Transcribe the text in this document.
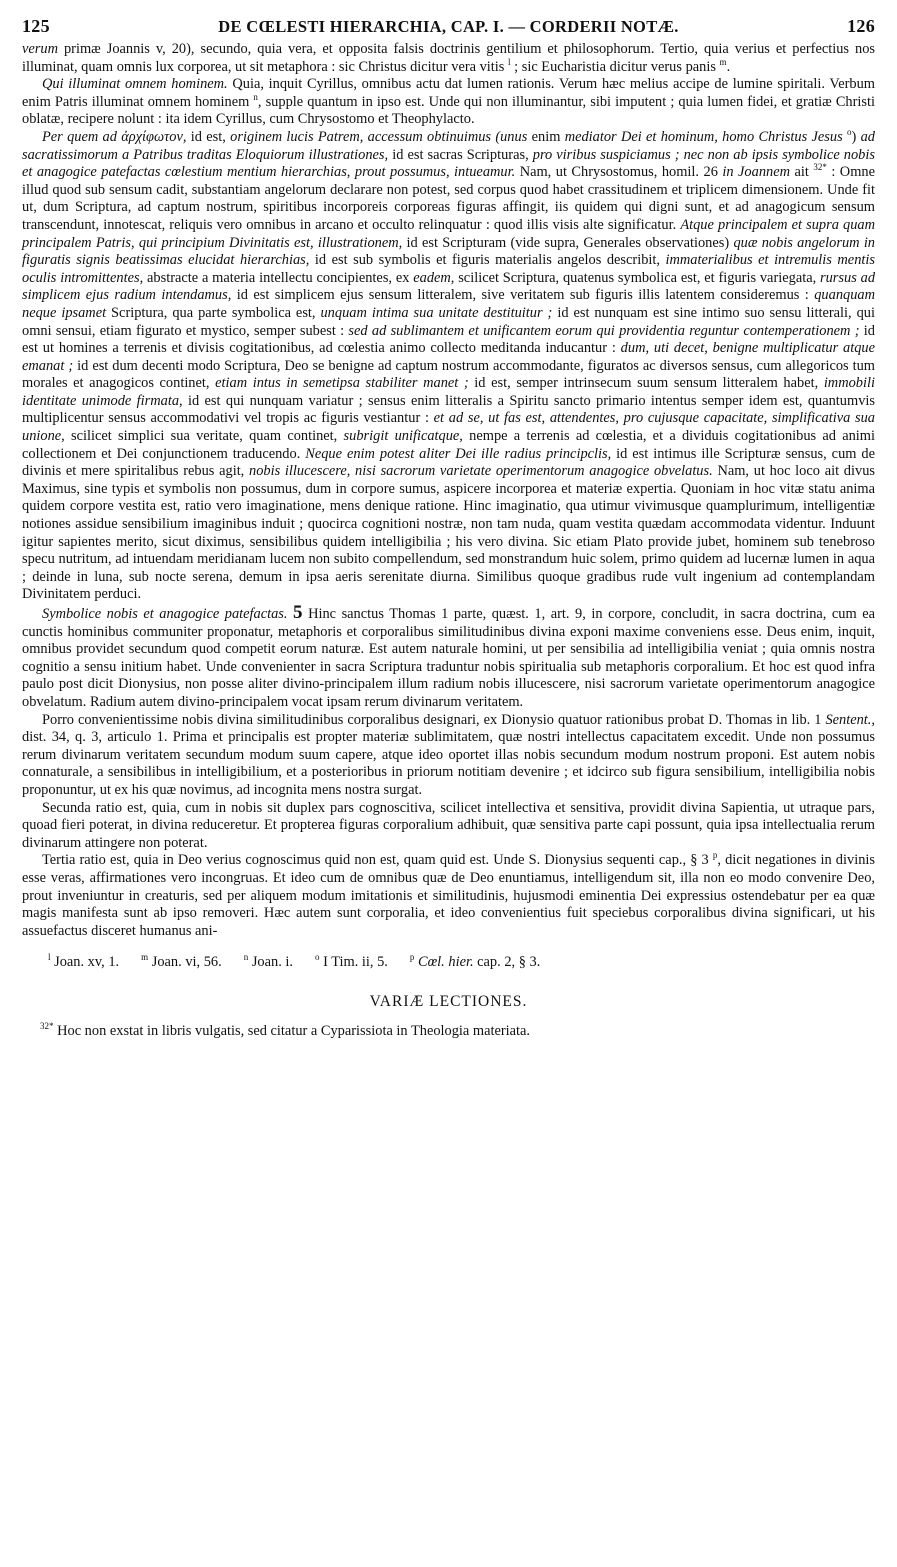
125	DE CŒLESTI HIERARCHIA, CAP. I. — CORDERII NOTÆ.	126

verum primæ Joannis v, 20), secundo, quia vera, et opposita falsis doctrinis gentilium et philosophorum. Tertio, quia verius et perfectius nos illuminat, quam omnis lux corporea, ut sit metaphora : sic Christus dicitur vera vitis $^l$ ; sic Eucharistia dicitur verus panis $^m$.

Qui illuminat omnem hominem. Quia, inquit Cyrillus, omnibus actu dat lumen rationis. Verum hæc melius accipe de lumine spiritali. Verbum enim Patris illuminat omnem hominem $^n$, supple quantum in ipso est. Unde qui non illuminantur, sibi imputent ; quia lumen fidei, et gratiæ Christi oblatæ, recipere nolunt : ita idem Cyrillus, cum Chrysostomo et Theophylacto.

Per quem ad ἀρχίφωτον, id est, originem lucis Patrem, accessum obtinuimus (unus enim mediator Dei et hominum, homo Christus Jesus $^o$) ad sacratissimorum a Patribus traditas Eloquiorum illustrationes, id est sacras Scripturas, pro viribus suspiciamus ; nec non ab ipsis symbolice nobis et anagogice patefactas cœlestium mentium hierarchias, prout possumus, intueamur. Nam, ut Chrysostomus, homil. 26 in Joannem ait $^{32*}$ : Omne illud quod sub sensum cadit, substantiam angelorum declarare non potest, sed corpus quod habet crassitudinem et triplicem dimensionem. Unde fit ut, dum Scriptura, ad captum nostrum, spiritibus incorporeis corporeas figuras affingit, iis quidem qui digni sunt, et ad anagogicum sensum transcendunt, innotescat, reliquis vero omnibus in arcano et occulto relinquatur : quod illis visis alte significatur. Atque principalem et supra quam principalem Patris, qui principium Divinitatis est, illustrationem, id est Scripturam (vide supra, Generales observationes) quæ nobis angelorum in figuratis signis beatissimas elucidat hierarchias, id est sub symbolis et figuris materialis angelos describit, immaterialibus et intremulis mentis oculis intromittentes, abstracte a materia intellectu concipientes, ex eadem, scilicet Scriptura, quatenus symbolica est, et figuris variegata, rursus ad simplicem ejus radium intendamus, id est simplicem ejus sensum litteralem, sive veritatem sub figuris illis latentem consideremus : quanquam neque ipsamet Scriptura, qua parte symbolica est, unquam intima sua unitate destituitur ; id est nunquam est sine intimo suo sensu litterali, qui omni sensui, etiam figurato et mystico, semper subest : sed ad sublimantem et unificantem eorum qui providentia reguntur contemperationem ; id est ut homines a terrenis et divisis cogitationibus, ad cœlestia animo collecto meditanda inducantur : dum, uti decet, benigne multiplicatur atque emanat ; id est dum decenti modo Scriptura, Deo se benigne ad captum nostrum accommodante, figuratos ac diversos sensus, cum allegoricos tum morales et anagogicos continet, etiam intus in semetipsa stabiliter manet ; id est, semper intrinsecum suum sensum litteralem habet, immobili identitate unimode firmata, id est qui nunquam variatur ; sensus enim litteralis a Spiritu sancto primario intentus semper idem est, quantumvis multiplicentur sensus accommodativi vel tropis ac figuris vestiantur : et ad se, ut fas est, attendentes, pro cujusque capacitate, simplificativa sua unione, scilicet simplici sua veritate, quam continet, subrigit unificatque, nempe a terrenis ad cœlestia, et a dividuis cogitationibus ad animi collectionem et Dei conjunctionem traducendo. Neque enim potest aliter Dei ille radius principclis, id est intimus ille Scripturæ sensus, cum de divinis et mere spiritalibus rebus agit, nobis illucescere, nisi sacrorum varietate operimentorum anagogice obvelatus. Nam, ut hoc loco ait divus Maximus, sine typis et symbolis non possumus, dum in corpore sumus, aspicere incorporea et materiæ expertia. Quoniam in hoc vitæ statu anima quidem corpore vestita est, ratio vero imaginatione, mens denique ratione. Hinc imaginatio, qua utimur vivimusque quamplurimum, intelligentiæ notiones assidue sensibilium imaginibus induit ; quocirca cognitioni nostræ, non tam nuda, quam vestita quædam accommodata videntur. Induunt igitur sapientes merito, sicut diximus, sensibilibus quidem intelligibilia ; his vero divina. Sic etiam Plato provide jubet, hominem sub tenebroso specu nutritum, ad intuendam meridianam lucem non subito compellendum, sed monstrandum huic solem, primo quidem ad lucernæ lumen in aqua ; deinde in luna, sub nocte serena, demum in ipsa aeris serenitate diurna. Similibus quoque gradibus rude vult ingenium ad contemplandam Divinitatem perduci.

Symbolice nobis et anagogice patefactas. 5 Hinc sanctus Thomas 1 parte, quæst. 1, art. 9, in corpore, concludit, in sacra doctrina, cum ea cunctis hominibus communiter proponatur, metaphoris et corporalibus similitudinibus divina exponi maxime conveniens esse. Deus enim, inquit, omnibus providet secundum quod competit eorum naturæ. Est autem naturale homini, ut per sensibilia ad intelligibilia veniat ; quia omnis nostra cognitio a sensu initium habet. Unde convenienter in sacra Scriptura traduntur nobis spiritualia sub metaphoris corporalium. Et hoc est quod infra paulo post dicit Dionysius, non posse aliter divino-principalem illum radium nobis illucescere, nisi sacrorum varietate operimentorum anagogice obvelatum. Radium autem divino-principalem vocat ipsam rerum divinarum veritatem.

Porro convenientissime nobis divina similitudinibus corporalibus designari, ex Dionysio quatuor rationibus probat D. Thomas in lib. 1 Sentent., dist. 34, q. 3, articulo 1. Prima et principalis est propter materiæ sublimitatem, quæ nostri intellectus capacitatem excedit. Unde non possumus rerum divinarum veritatem secundum modum suum capere, atque ideo oportet illas nobis secundum modum nostrum proponi. Est autem nobis connaturale, a sensibilibus in intelligibilium, et a posterioribus in priorum notitiam devenire ; et idcirco sub figura sensibilium, intelligibilia nobis proponuntur, ut ex his quæ novimus, ad incognita mens nostra surgat.

Secunda ratio est, quia, cum in nobis sit duplex pars cognoscitiva, scilicet intellectiva et sensitiva, providit divina Sapientia, ut utraque pars, quoad fieri poterat, in divina reduceretur. Et propterea figuras corporalium adhibuit, quæ sensitiva parte capi possunt, quia ipsa intellectualia rerum divinarum attingere non poterat.

Tertia ratio est, quia in Deo verius cognoscimus quid non est, quam quid est. Unde S. Dionysius sequenti cap., § 3 $^p$, dicit negationes in divinis esse veras, affirmationes vero incongruas. Et ideo cum de omnibus quæ de Deo enuntiamus, intelligendum sit, illa non eo modo convenire Deo, prout inveniuntur in creaturis, sed per aliquem modum imitationis et similitudinis, hujusmodi eminentia Dei expressius ostendebatur per ea quæ magis manifesta sunt ab ipso removeri. Hæc autem sunt corporalia, et ideo convenientius fuit speciebus corporalibus divina significari, ut his assuefactus disceret humanus ani-

$^l$ Joan. xv, 1. $^m$ Joan. vi, 56. $^n$ Joan. i. $^o$ I Tim. ii, 5. $^p$ Cœl. hier. cap. 2, § 3.
VARIÆ LECTIONES.
$^{32*}$ Hoc non exstat in libris vulgatis, sed citatur a Cyparissiota in Theologia materiata.
